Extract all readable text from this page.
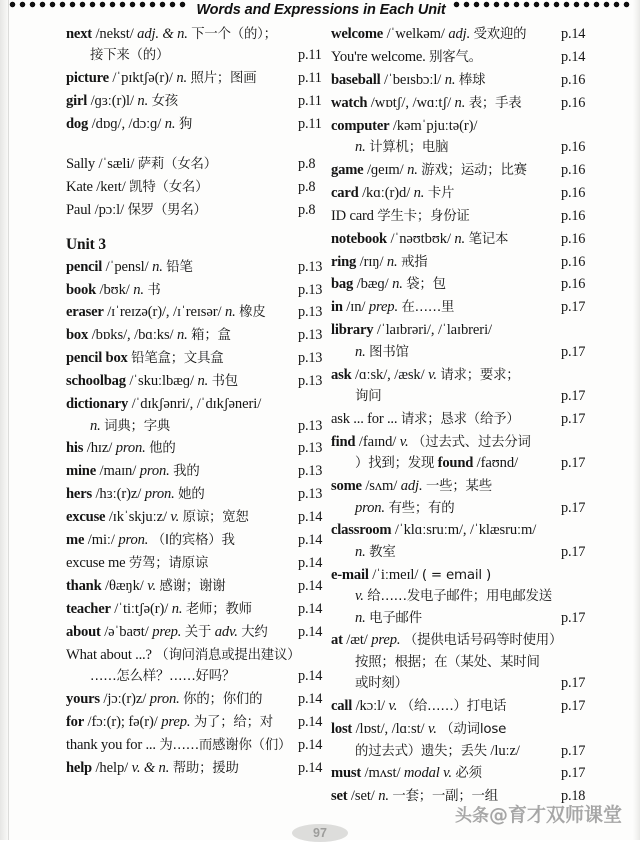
Words and Expressions in Each Unit
next /nekst/ adj. & n. 下一个（的）；
接下来（的）	p.11
picture /ˈpɪktʃə(r)/ n. 照片；图画	p.11
girl /ɡɜː(r)l/ n. 女孩	p.11
dog /dɒɡ/, /dɔːɡ/ n. 狗	p.11
Sally /ˈsæli/ 萨莉（女名）	p.8
Kate /keɪt/ 凯特（女名）	p.8
Paul /pɔːl/ 保罗（男名）	p.8
Unit 3
pencil /ˈpensl/ n. 铅笔	p.13
book /bʊk/ n. 书	p.13
eraser /ɪˈreɪzə(r)/, /ɪˈreɪsər/ n. 橡皮 p.13
box /bɒks/, /bɑːks/ n. 箱；盒	p.13
pencil box 铅笔盒；文具盒	p.13
schoolbag /ˈskuːlbæɡ/ n. 书包	p.13
dictionary /ˈdɪkʃənri/, /ˈdɪkʃəneri/
n. 词典；字典	p.13
his /hɪz/ pron. 他的	p.13
mine /maɪn/ pron. 我的	p.13
hers /hɜː(r)z/ pron. 她的	p.13
excuse /ɪkˈskjuːz/ v. 原谅；宽恕	p.14
me /miː/ pron. （I的宾格）我	p.14
excuse me 劳驾；请原谅	p.14
thank /θæŋk/ v. 感谢；谢谢	p.14
teacher /ˈtiːtʃə(r)/ n. 老师；教师	p.14
about /əˈbaʊt/ prep. 关于 adv. 大约 p.14
What about ...? （询问消息或提出建议）
……怎么样？……好吗？	p.14
yours /jɔː(r)z/ pron. 你的；你们的 p.14
for /fɔː(r); fə(r)/ prep. 为了；给；对 p.14
thank you for ... 为……而感谢你（们） p.14
help /help/ v. & n. 帮助；援助	p.14
welcome /ˈwelkəm/ adj. 受欢迎的 p.14
You're welcome. 别客气。	p.14
baseball /ˈbeɪsbɔːl/ n. 棒球	p.16
watch /wɒtʃ/, /wɑːtʃ/ n. 表；手表	p.16
computer /kəmˈpjuːtə(r)/
n. 计算机；电脑	p.16
game /ɡeɪm/ n. 游戏；运动；比赛 p.16
card /kɑː(r)d/ n. 卡片	p.16
ID card 学生卡；身份证	p.16
notebook /ˈnəʊtbʊk/ n. 笔记本	p.16
ring /rɪŋ/ n. 戒指	p.16
bag /bæɡ/ n. 袋；包	p.16
in /ɪn/ prep. 在……里	p.17
library /ˈlaɪbrəri/, /ˈlaɪbreri/
n. 图书馆	p.17
ask /ɑːsk/, /æsk/ v. 请求；要求；
询问	p.17
ask ... for ... 请求；恳求（给予）	p.17
find /faɪnd/ v. （过去式、过去分词
）找到；发现 found /faʊnd/	p.17
some /sʌm/ adj. 一些；某些
pron. 有些；有的	p.17
classroom /ˈklɑːsruːm/, /ˈklæsruːm/
n. 教室	p.17
e-mail /ˈiːmeɪl/ ( = email )
v. 给……发电子邮件；用电邮发送
n. 电子邮件	p.17
at /æt/ prep. （提供电话号码等时使用）
按照；根据；在（某处、某时间
或时刻）	p.17
call /kɔːl/ v. （给……）打电话	p.17
lost /lɒst/, /lɑːst/ v. （动词lose
的过去式）遗失；丢失 /luːz/	p.17
must /mʌst/ modal v. 必须	p.17
set /set/ n. 一套；一副；一组	p.18
头条@育才双师课堂
97
